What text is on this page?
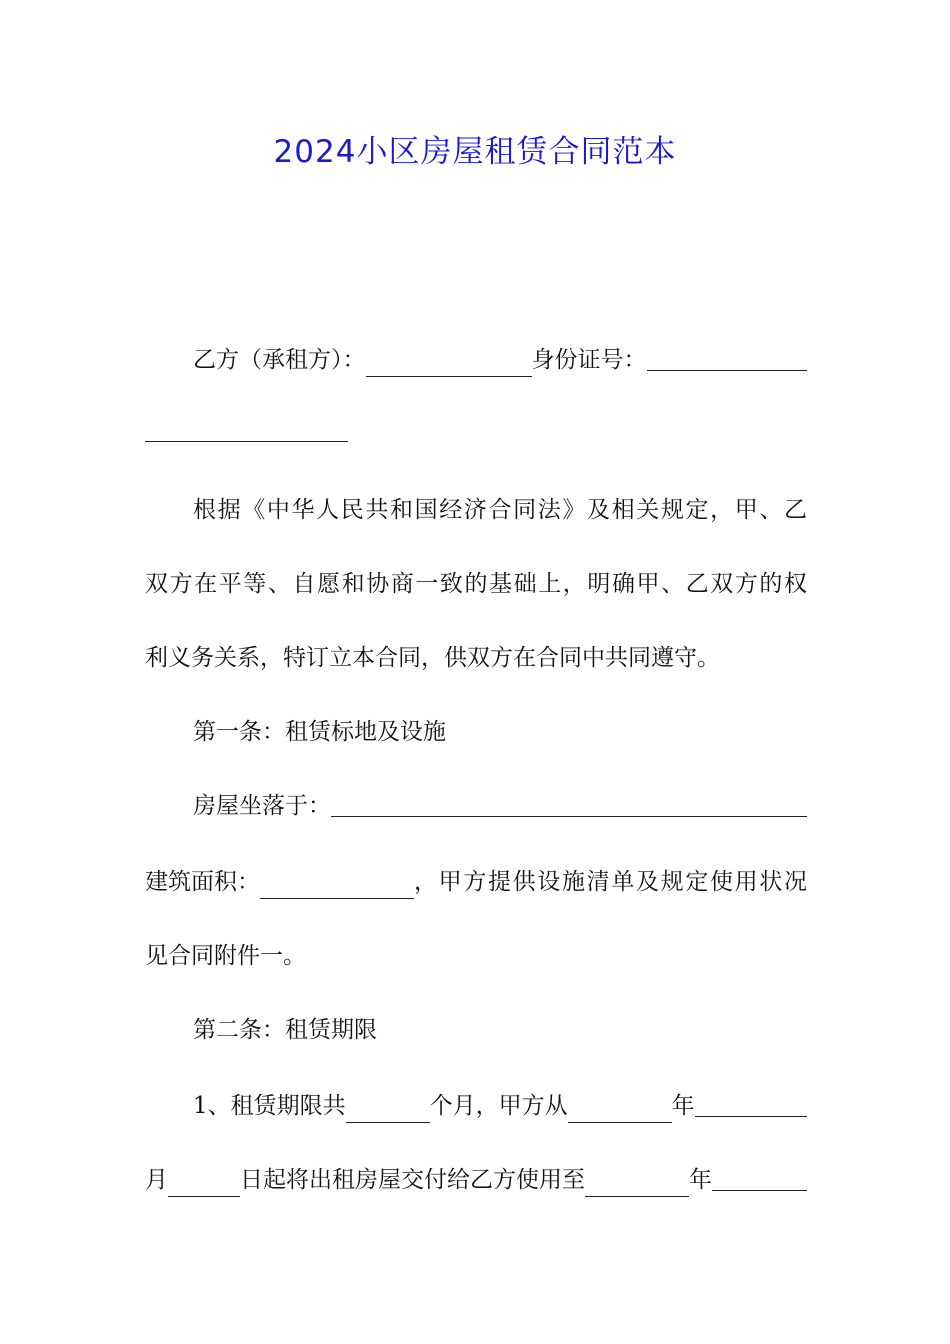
2024小区房屋租赁合同范本
乙方（承租方）：	身份证号：
根据《中华人民共和国经济合同法》及相关规定，甲、乙
双方在平等、自愿和协商一致的基础上，明确甲、乙双方的权
利义务关系，特订立本合同，供双方在合同中共同遵守。
第一条：租赁标地及设施
房屋坐落于：
建筑面积：	，甲方提供设施清单及规定使用状况
见合同附件一。
第二条：租赁期限
1、租赁期限共	个月，甲方从	年
月	日起将出租房屋交付给乙方使用至	年
